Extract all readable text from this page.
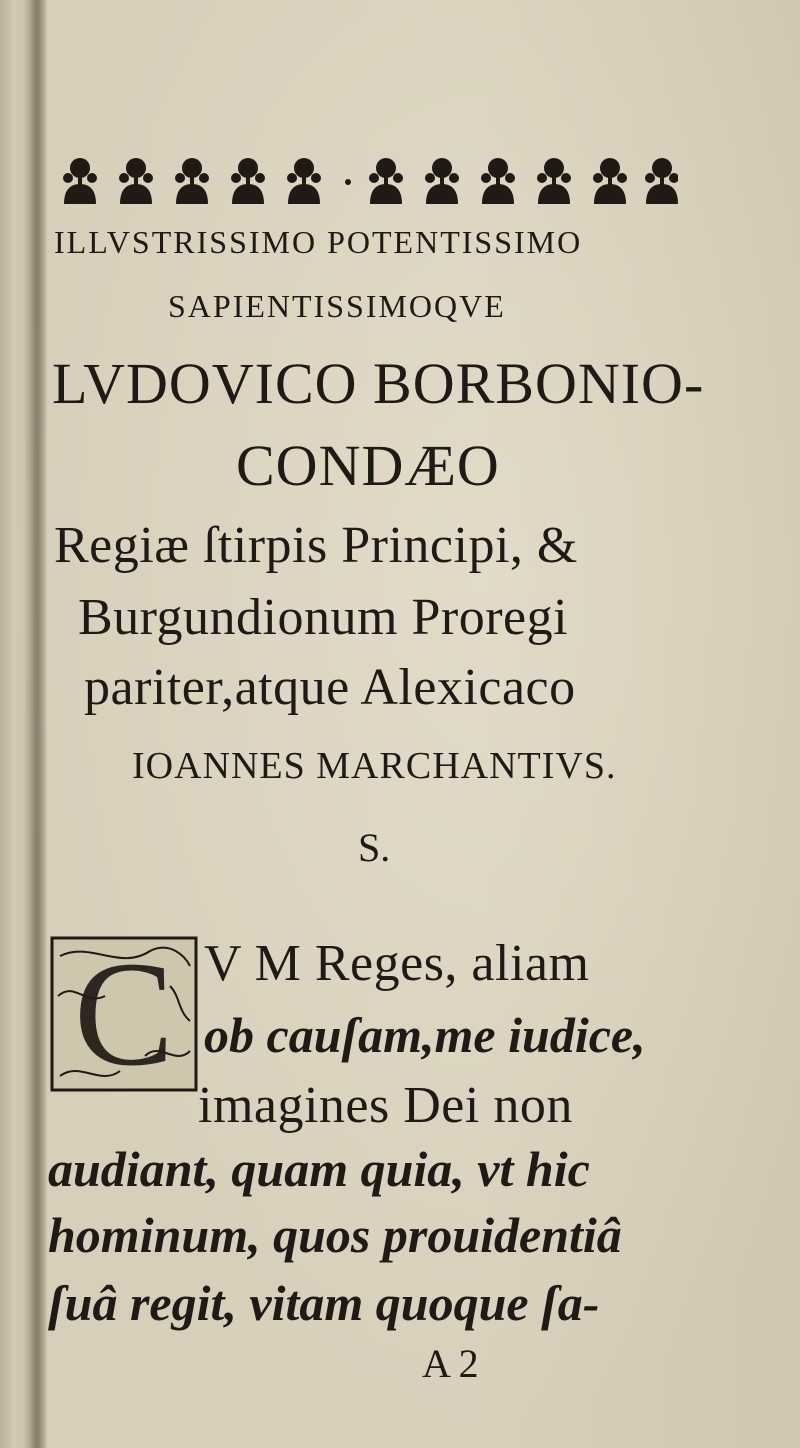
ILLVSTRISSIMO POTENTISSIMO
SAPIENTISSIMOQVE
LVDOVICO BORBONIO-
CONDÆO
Regiæ ſtirpis Principi, &
Burgundionum Proregi
pariter,atque Alexicaco
IOANNES MARCHANTIVS.
S.
C V M Reges, aliam
ob cauſam,me iudice,
imagines Dei non
audiant, quam quia, vt hic
hominum, quos prouidentiâ
ſuâ regit, vitam quoque ſa-
A 2
